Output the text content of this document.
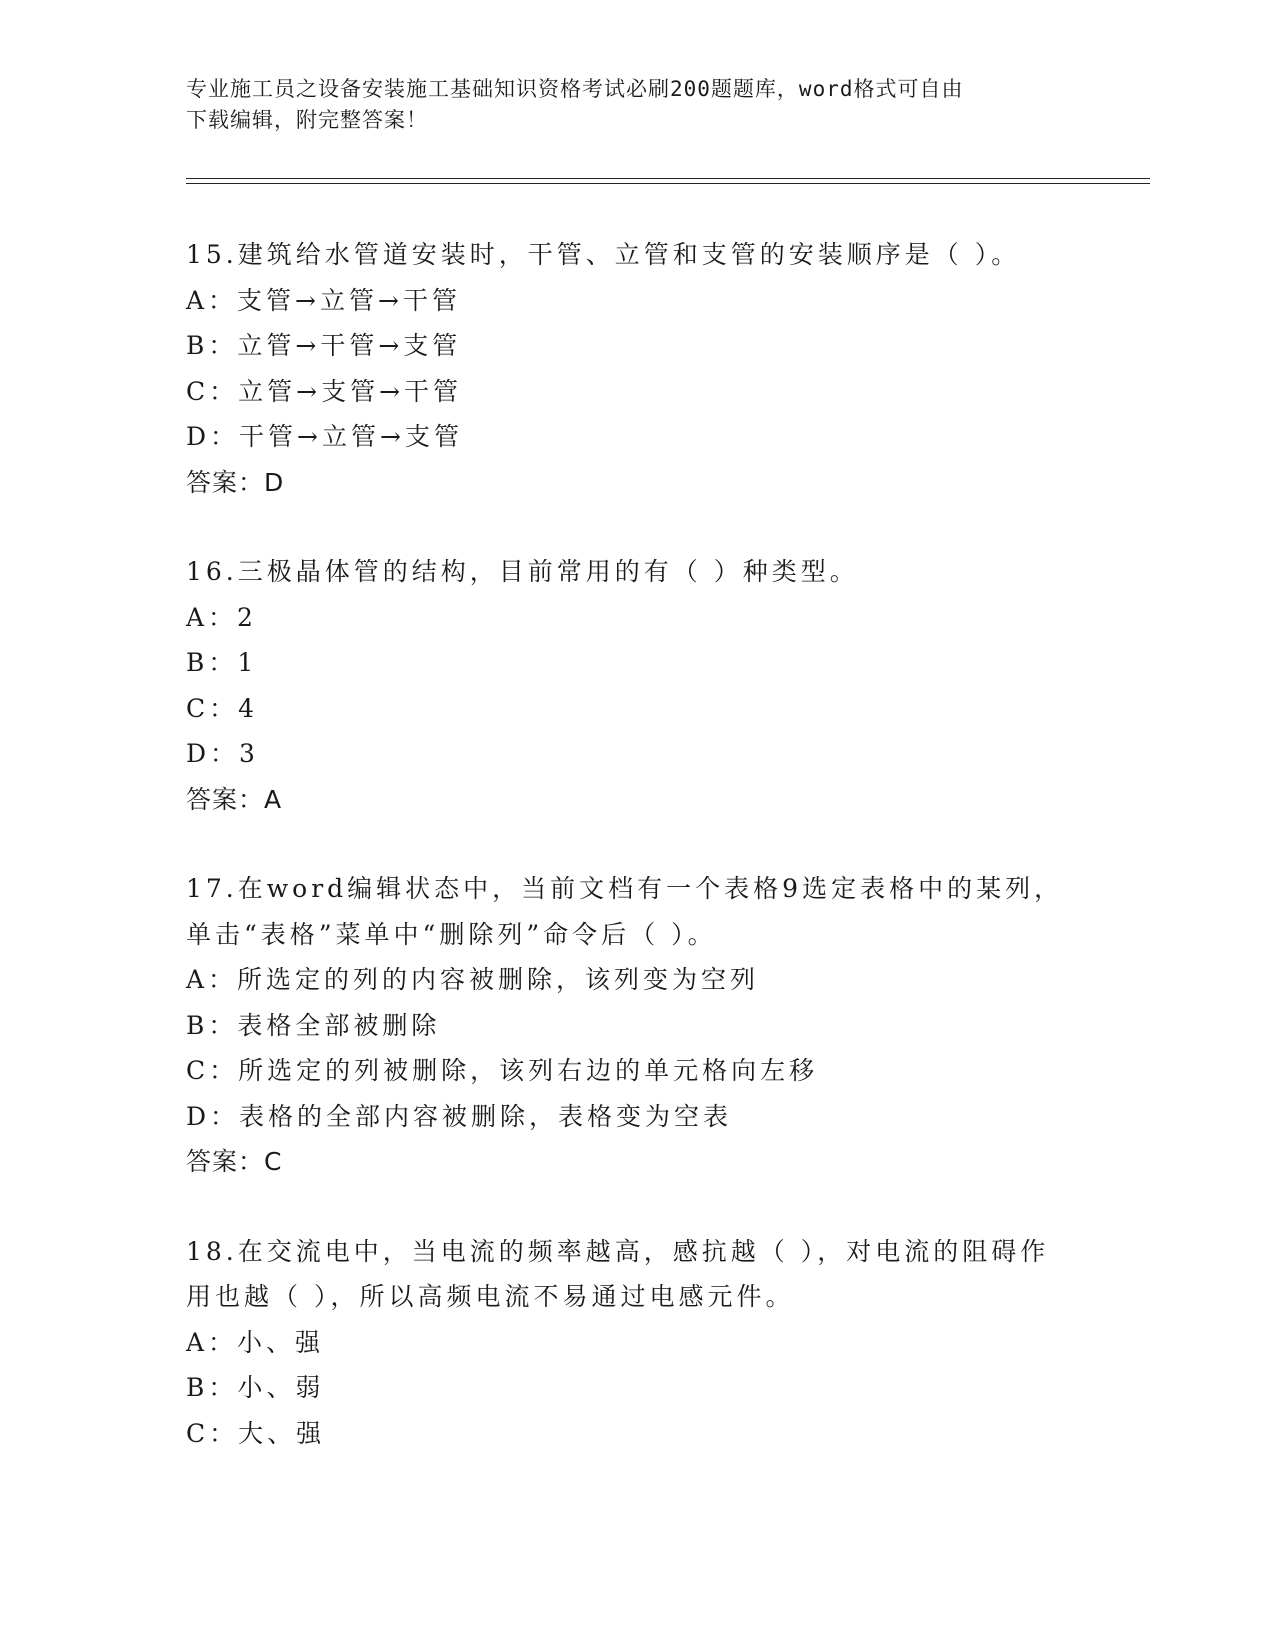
专业施工员之设备安装施工基础知识资格考试必刷200题题库，word格式可自由
下载编辑，附完整答案！
15.建筑给水管道安装时，干管、立管和支管的安装顺序是（ ）。
A：支管→立管→干管
B：立管→干管→支管
C：立管→支管→干管
D：干管→立管→支管
答案：D
16.三极晶体管的结构，目前常用的有（ ）种类型。
A：2
B：1
C：4
D：3
答案：A
17.在word编辑状态中，当前文档有一个表格9选定表格中的某列，
单击“表格”菜单中“删除列”命令后（ ）。
A：所选定的列的内容被删除，该列变为空列
B：表格全部被删除
C：所选定的列被删除，该列右边的单元格向左移
D：表格的全部内容被删除，表格变为空表
答案：C
18.在交流电中，当电流的频率越高，感抗越（ ），对电流的阻碍作
用也越（ ），所以高频电流不易通过电感元件。
A：小、强
B：小、弱
C：大、强
